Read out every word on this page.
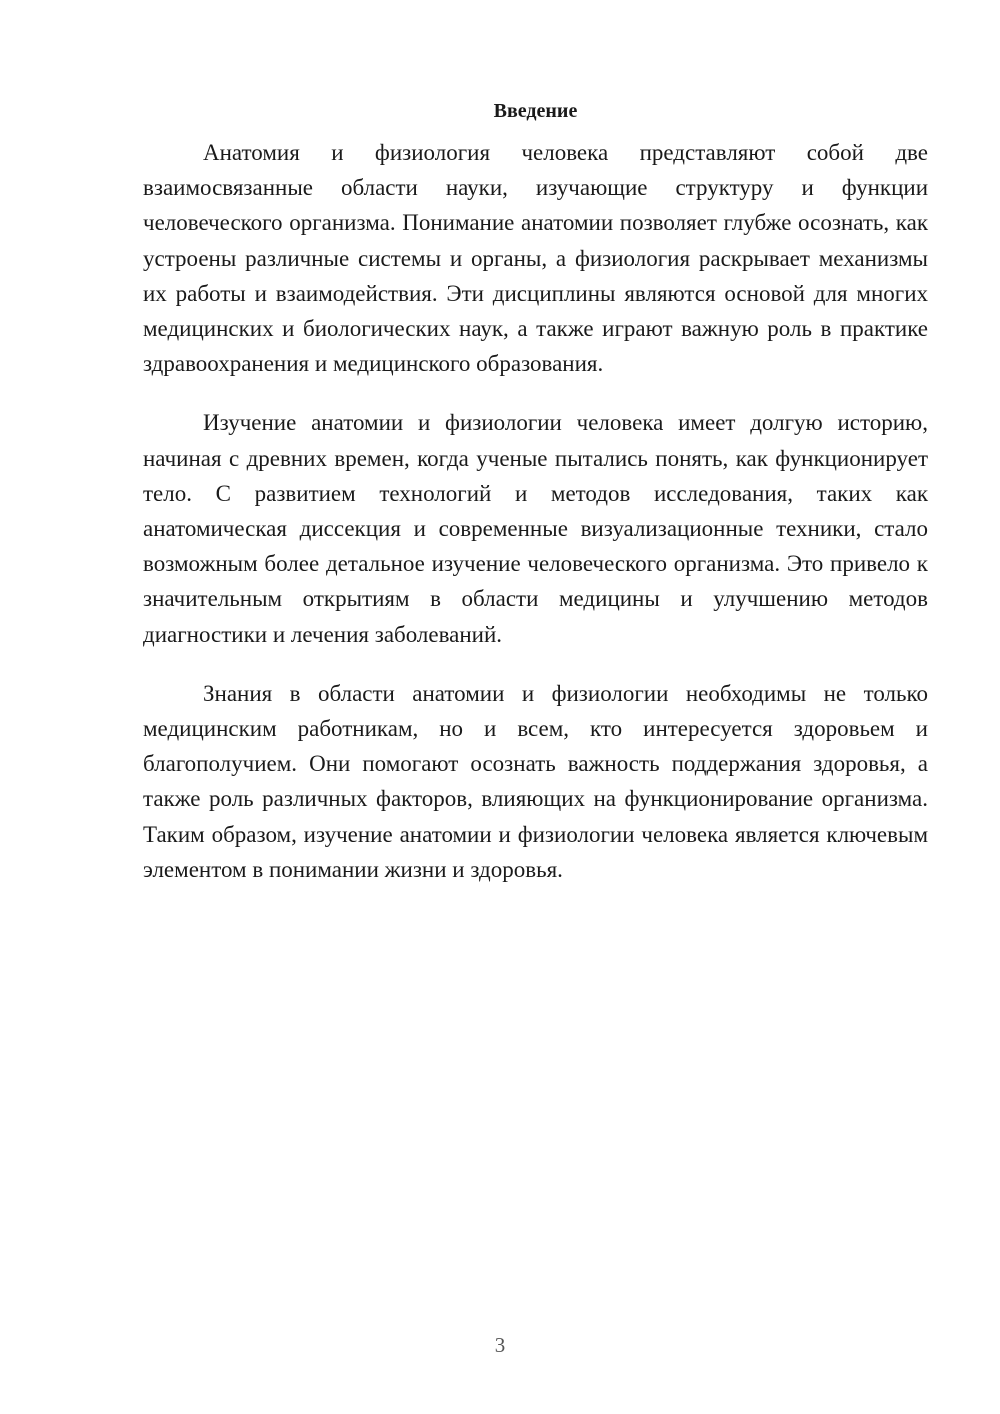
Введение

Анатомия и физиология человека представляют собой две взаимосвязанные области науки, изучающие структуру и функции человеческого организма. Понимание анатомии позволяет глубже осознать, как устроены различные системы и органы, а физиология раскрывает механизмы их работы и взаимодействия. Эти дисциплины являются основой для многих медицинских и биологических наук, а также играют важную роль в практике здравоохранения и медицинского образования.

Изучение анатомии и физиологии человека имеет долгую историю, начиная с древних времен, когда ученые пытались понять, как функционирует тело. С развитием технологий и методов исследования, таких как анатомическая диссекция и современные визуализационные техники, стало возможным более детальное изучение человеческого организма. Это привело к значительным открытиям в области медицины и улучшению методов диагностики и лечения заболеваний.

Знания в области анатомии и физиологии необходимы не только медицинским работникам, но и всем, кто интересуется здоровьем и благополучием. Они помогают осознать важность поддержания здоровья, а также роль различных факторов, влияющих на функционирование организма. Таким образом, изучение анатомии и физиологии человека является ключевым элементом в понимании жизни и здоровья.

3
